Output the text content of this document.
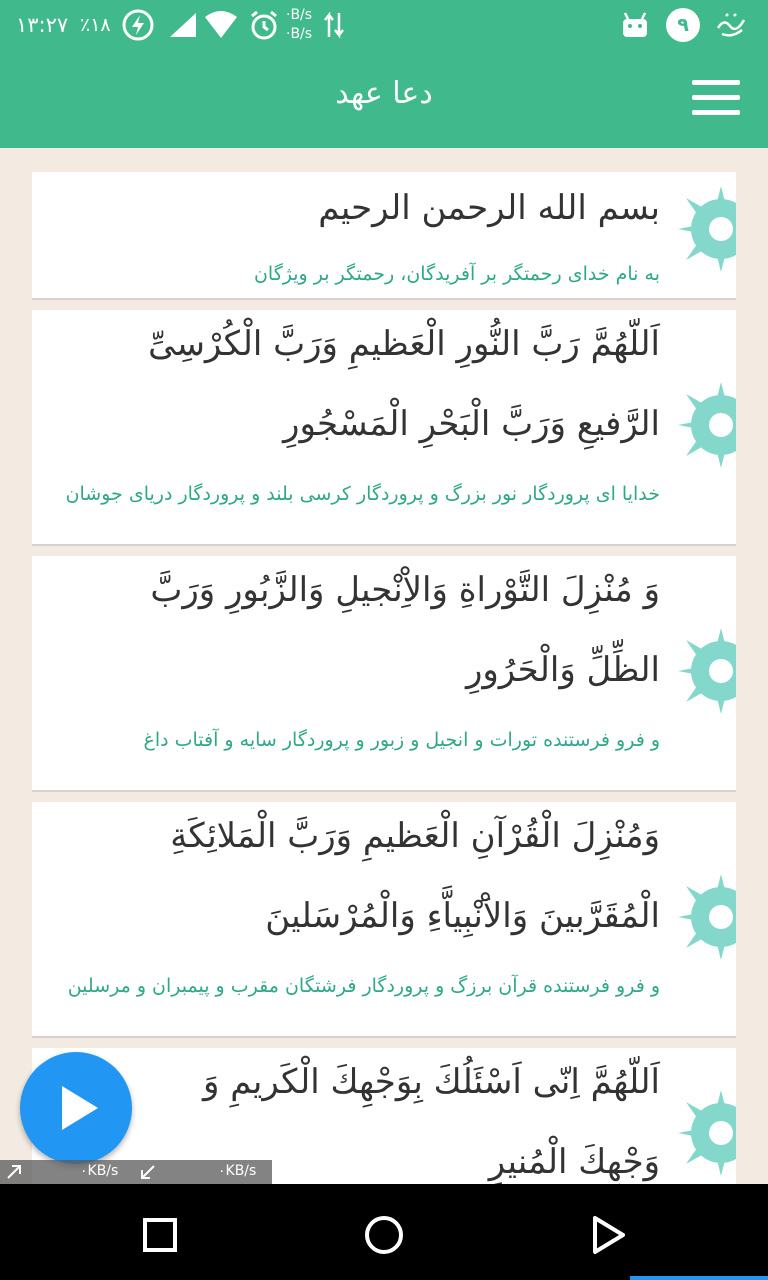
۱۳:۲۷ ٪۱۸	·B/s
·B/s	۹
دعا عهد
بسم الله الرحمن الرحیم
به نام خدای رحمتگر بر آفریدگان، رحمتگر بر ویژگان
اَللّهُمَّ رَبَّ النُّورِ الْعَظیمِ وَرَبَّ الْكُرْسِیِّ
الرَّفیعِ وَرَبَّ الْبَحْرِ الْمَسْجُورِ
خدایا ای پروردگار نور بزرگ و پروردگار کرسی بلند و پروردگار دریای جوشان
وَ مُنْزِلَ التَّوْراةِ وَالاِْنْجیلِ وَالزَّبُورِ وَرَبَّ
الظِّلِّ وَالْحَرُورِ
و فرو فرستنده تورات و انجیل و زبور و پروردگار سایه و آفتاب داغ
وَمُنْزِلَ الْقُرْآنِ الْعَظیمِ وَرَبَّ الْمَلائِكَةِ
الْمُقَرَّبینَ وَالاَْنْبِیاَّءِ وَالْمُرْسَلینَ
و فرو فرستنده قرآن برزگ و پروردگار فرشتگان مقرب و پیمبران و مرسلین
اَللّهُمَّ اِنّی اَسْئَلُكَ بِوَجْهِكَ الْكَریمِ وَ
وَجْهِكَ الْمُنیرِ
۰KB/s	۰KB/s
